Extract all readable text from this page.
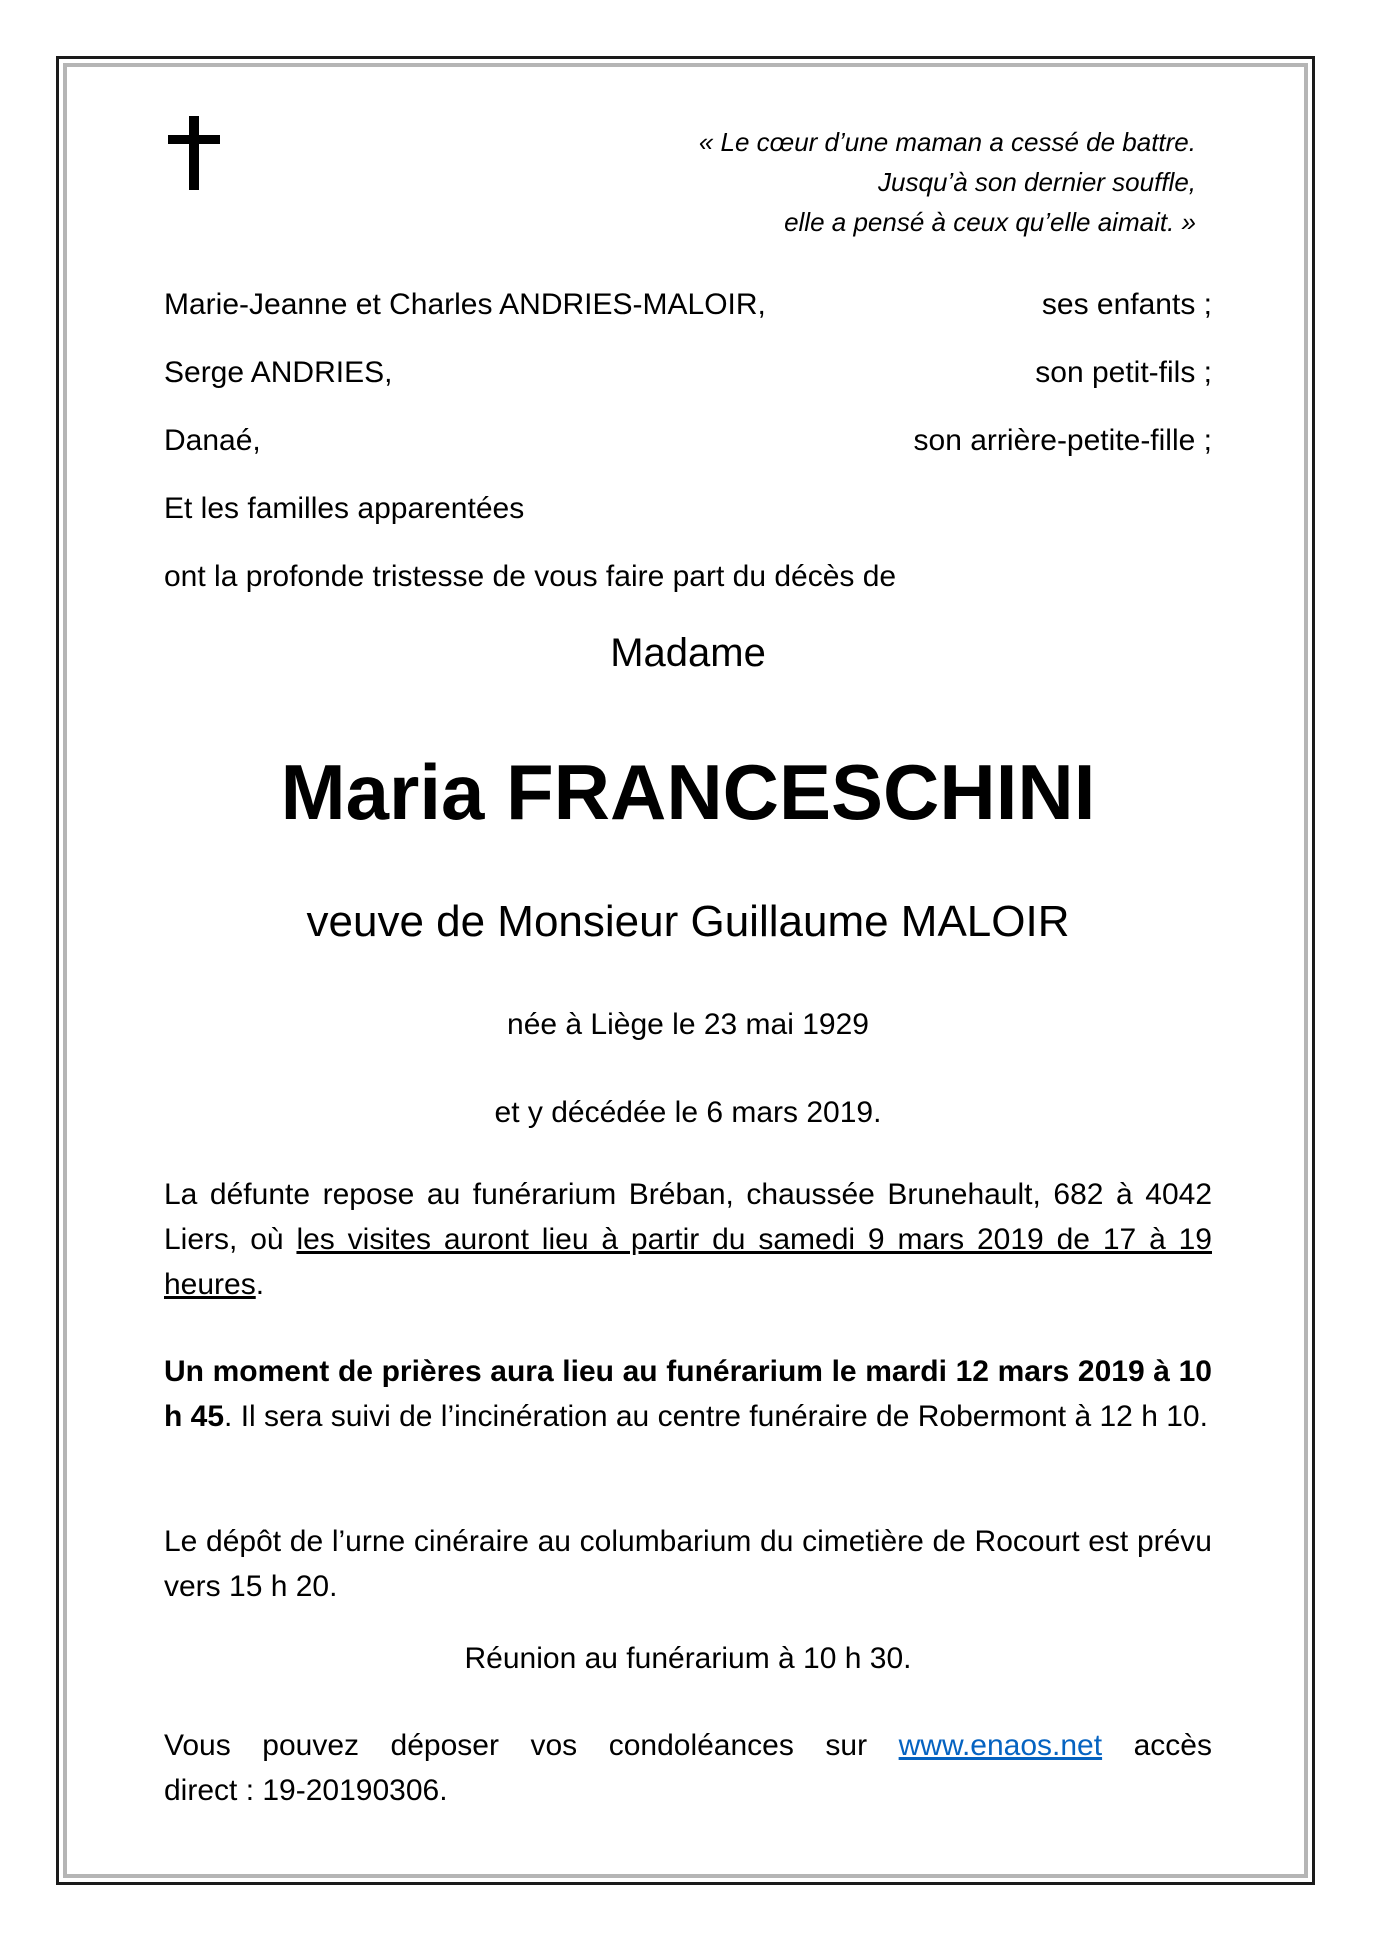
« Le cœur d’une maman a cessé de battre.
Jusqu’à son dernier souffle,
elle a pensé à ceux qu’elle aimait. »
Marie-Jeanne et Charles ANDRIES-MALOIR,	ses enfants ;
Serge ANDRIES,	son petit-fils ;
Danaé,	son arrière-petite-fille ;
Et les familles apparentées
ont la profonde tristesse de vous faire part du décès de
Madame
Maria FRANCESCHINI
veuve de Monsieur Guillaume MALOIR
née à Liège le 23 mai 1929
et y décédée le 6 mars 2019.
La défunte repose au funérarium Bréban, chaussée Brunehault, 682 à 4042 Liers, où les visites auront lieu à partir du samedi 9 mars 2019 de 17 à 19 heures.
Un moment de prières aura lieu au funérarium le mardi 12 mars 2019 à 10 h 45. Il sera suivi de l’incinération au centre funéraire de Robermont à 12 h 10.
Le dépôt de l’urne cinéraire au columbarium du cimetière de Rocourt est prévu vers 15 h 20.
Réunion au funérarium à 10 h 30.
Vous pouvez déposer vos condoléances sur www.enaos.net accès
direct : 19-20190306.
